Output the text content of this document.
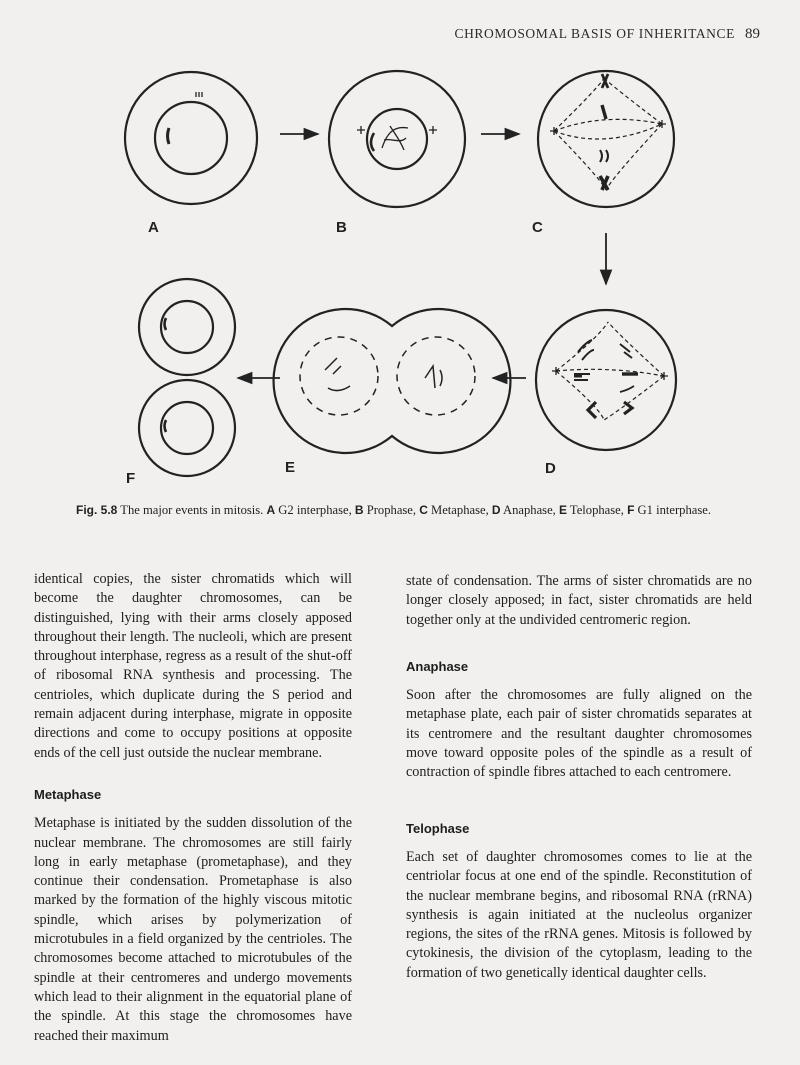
CHROMOSOMAL BASIS OF INHERITANCE 89
A	B	C
D
E
F
Fig. 5.8 The major events in mitosis. A G2 interphase, B Prophase, C Metaphase, D Anaphase, E Telophase, F G1 interphase.

identical copies, the sister chromatids which will become the daughter chromosomes, can be distinguished, lying with their arms closely apposed throughout their length. The nucleoli, which are present throughout interphase, regress as a result of the shut-off of ribosomal RNA synthesis and processing. The centrioles, which duplicate during the S period and remain adjacent during interphase, migrate in opposite directions and come to occupy positions at opposite ends of the cell just outside the nuclear membrane.

Metaphase

Metaphase is initiated by the sudden dissolution of the nuclear membrane. The chromosomes are still fairly long in early metaphase (prometaphase), and they continue their condensation. Prometaphase is also marked by the formation of the highly viscous mitotic spindle, which arises by polymerization of microtubules in a field organized by the centrioles. The chromosomes become attached to microtubules of the spindle at their centromeres and undergo movements which lead to their alignment in the equatorial plane of the spindle. At this stage the chromosomes have reached their maximum

state of condensation. The arms of sister chromatids are no longer closely apposed; in fact, sister chromatids are held together only at the undivided centromeric region.

Anaphase

Soon after the chromosomes are fully aligned on the metaphase plate, each pair of sister chromatids separates at its centromere and the resultant daughter chromosomes move toward opposite poles of the spindle as a result of contraction of spindle fibres attached to each centromere.

Telophase

Each set of daughter chromosomes comes to lie at the centriolar focus at one end of the spindle. Reconstitution of the nuclear membrane begins, and ribosomal RNA (rRNA) synthesis is again initiated at the nucleolus organizer regions, the sites of the rRNA genes. Mitosis is followed by cytokinesis, the division of the cytoplasm, leading to the formation of two genetically identical daughter cells.
